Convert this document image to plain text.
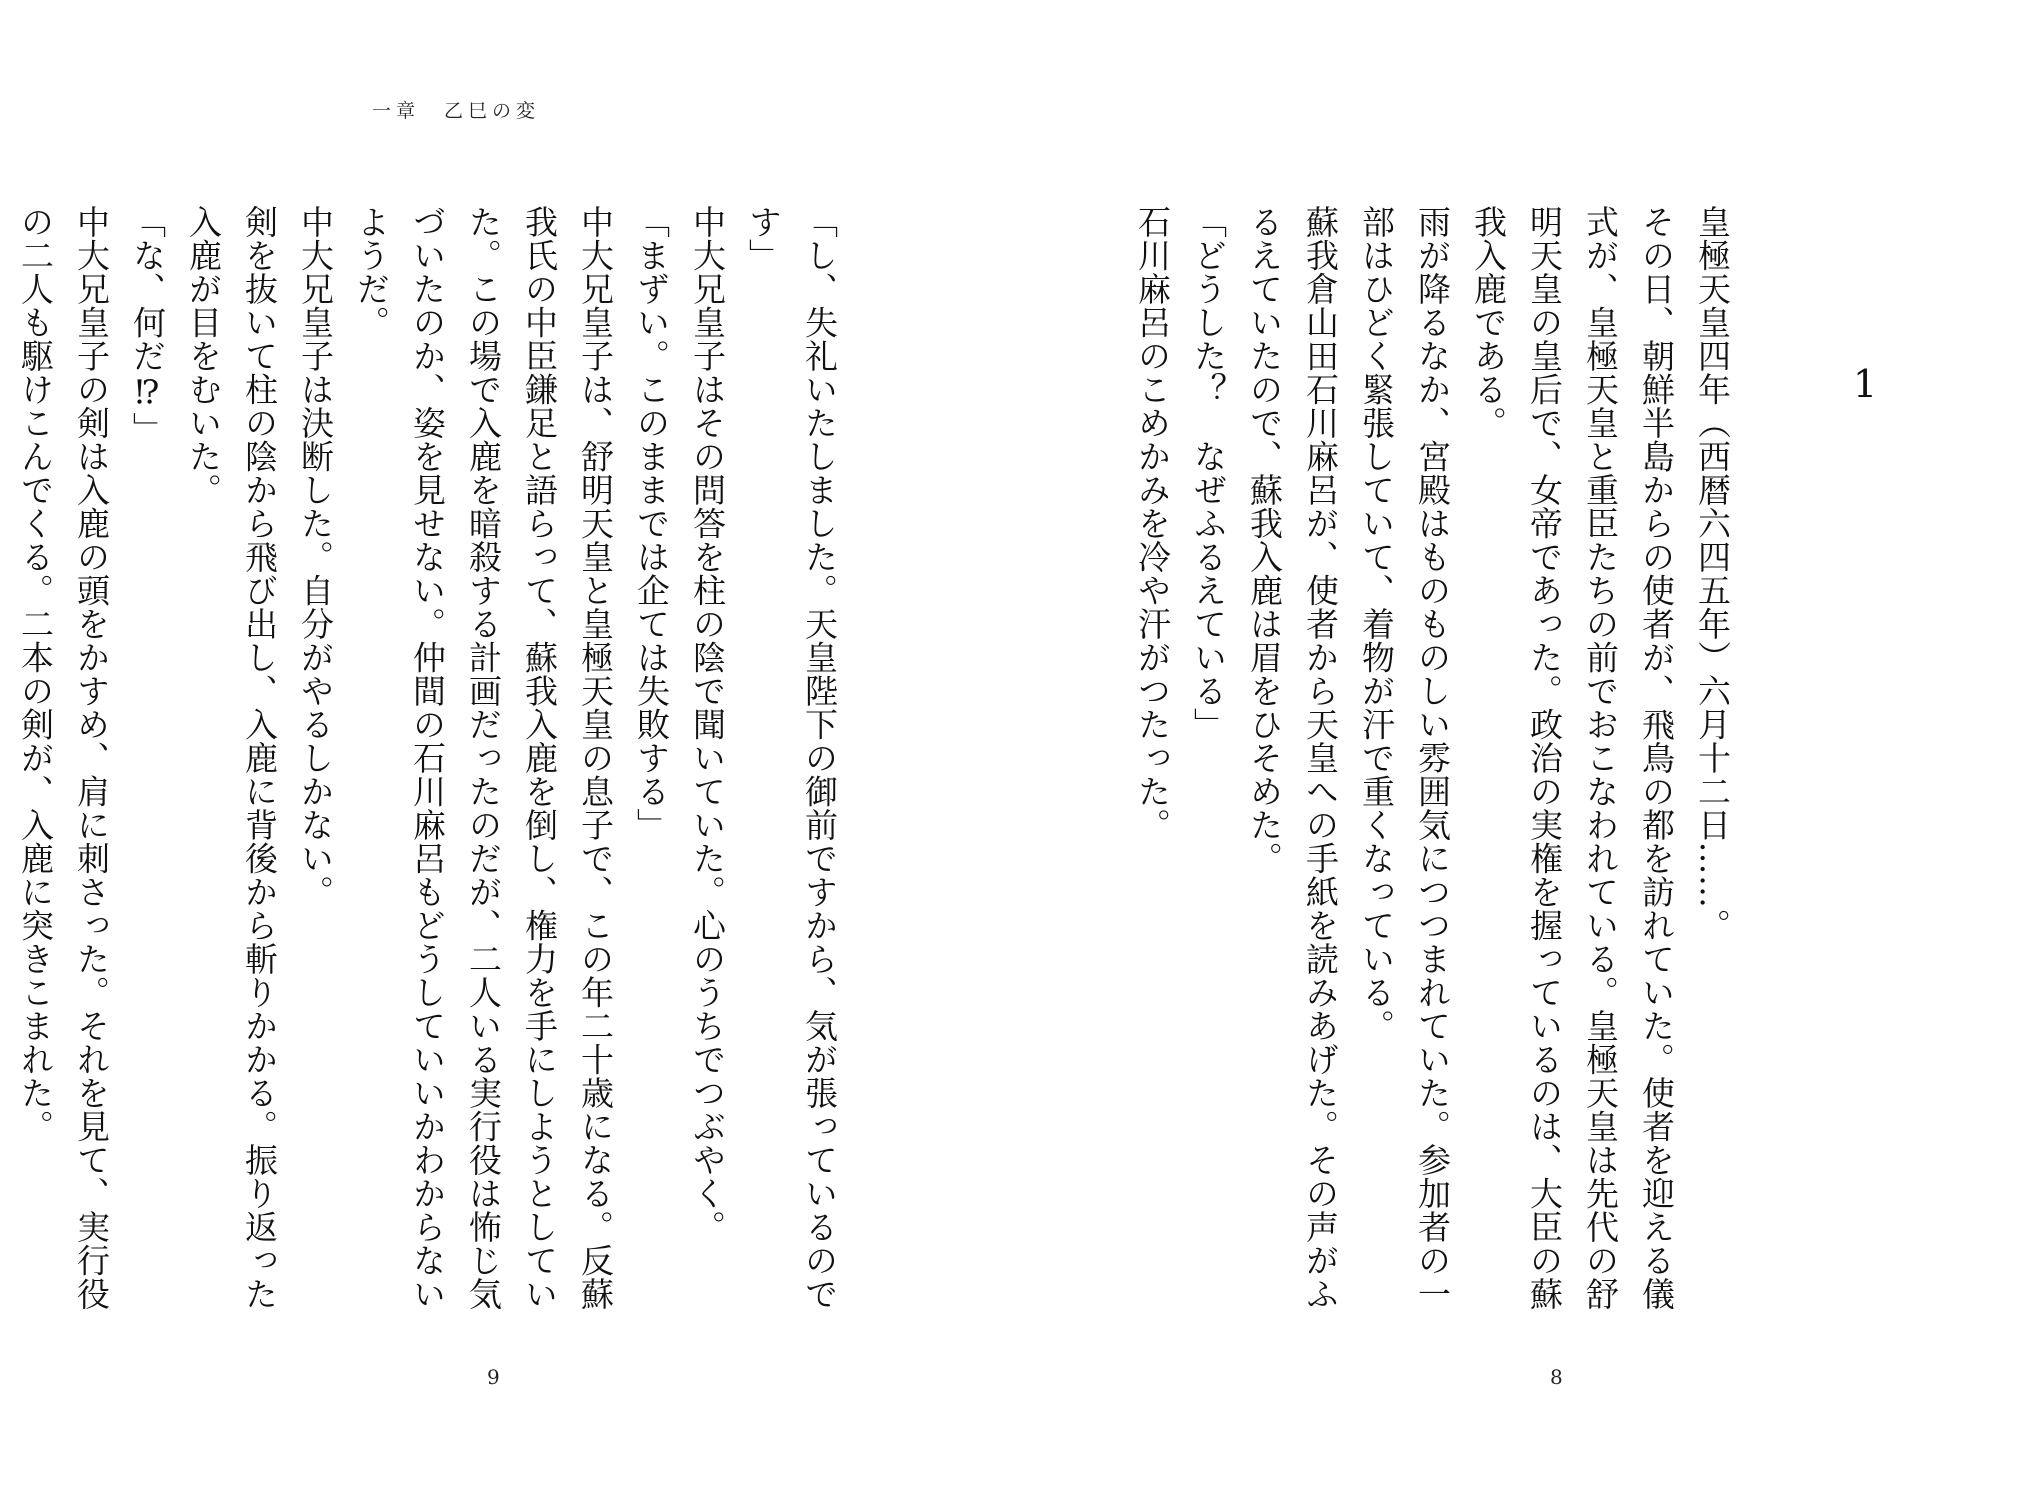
一章　乙巳の変

「し、失礼いたしました。天皇陛下の御前ですから、気が張っているのです」

中大兄皇子はその問答を柱の陰で聞いていた。心のうちでつぶやく。

「まずい。このままでは企ては失敗する」

中大兄皇子は、舒明天皇と皇極天皇の息子で、この年二十歳になる。反蘇我氏の中臣鎌足と語らって、蘇我入鹿を倒し、権力を手にしようとしていた。この場で入鹿を暗殺する計画だったのだが、二人いる実行役は怖じ気づいたのか、姿を見せない。仲間の石川麻呂もどうしていいかわからないようだ。

中大兄皇子は決断した。自分がやるしかない。

剣を抜いて柱の陰から飛び出し、入鹿に背後から斬りかかる。振り返った入鹿が目をむいた。

「な、何だ⁉」

中大兄皇子の剣は入鹿の頭をかすめ、肩に刺さった。それを見て、実行役の二人も駆けこんでくる。二本の剣が、入鹿に突きこまれた。

9
1

皇極天皇四年（西暦六四五年）六月十二日……。

その日、朝鮮半島からの使者が、飛鳥の都を訪れていた。使者を迎える儀式が、皇極天皇と重臣たちの前でおこなわれている。皇極天皇は先代の舒明天皇の皇后で、女帝であった。政治の実権を握っているのは、大臣の蘇我入鹿である。

雨が降るなか、宮殿はものものしい雰囲気につつまれていた。参加者の一部はひどく緊張していて、着物が汗で重くなっている。

蘇我倉山田石川麻呂が、使者から天皇への手紙を読みあげた。その声がふるえていたので、蘇我入鹿は眉をひそめた。

「どうした？　なぜふるえている」

石川麻呂のこめかみを冷や汗がつたった。

8
